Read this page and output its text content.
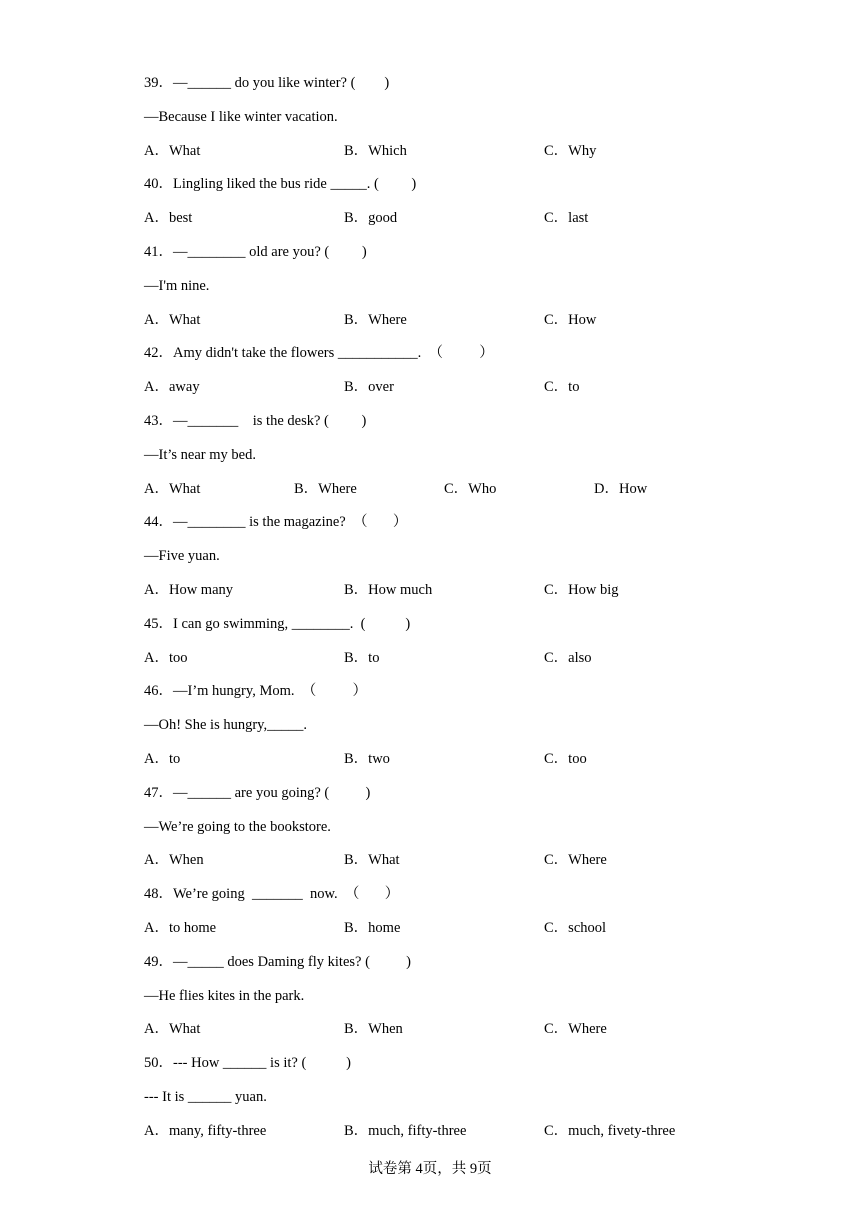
39．—______ do you like winter? (        )
—Because I like winter vacation.
A．What	B．Which	C．Why
40．Lingling liked the bus ride _____. (         )
A．best	B．good	C．last
41．—________ old are you? (         )
—I'm nine.
A．What	B．Where	C．How
42．Amy didn't take the flowers ___________.  （          ）
A．away	B．over	C．to
43．—_______    is the desk? (         )
—It’s near my bed.
A．What	B．Where	C．Who	D．How
44．—________ is the magazine?  （       ）
—Five yuan.
A．How many	B．How much	C．How big
45．I can go swimming, ________.  (           )
A．too	B．to	C．also
46．—I’m hungry, Mom.  （          ）
—Oh! She is hungry,_____.
A．to	B．two	C．too
47．—______ are you going? (          )
—We’re going to the bookstore.
A．When	B．What	C．Where
48．We’re going  _______  now.  （       ）
A．to home	B．home	C．school
49．—_____ does Daming fly kites? (          )
—He flies kites in the park.
A．What	B．When	C．Where
50．--- How ______ is it? (           )
--- It is ______ yuan.
A．many, fifty-three	B．much, fifty-three	C．much, fivety-three
试卷第 4页，共 9页
